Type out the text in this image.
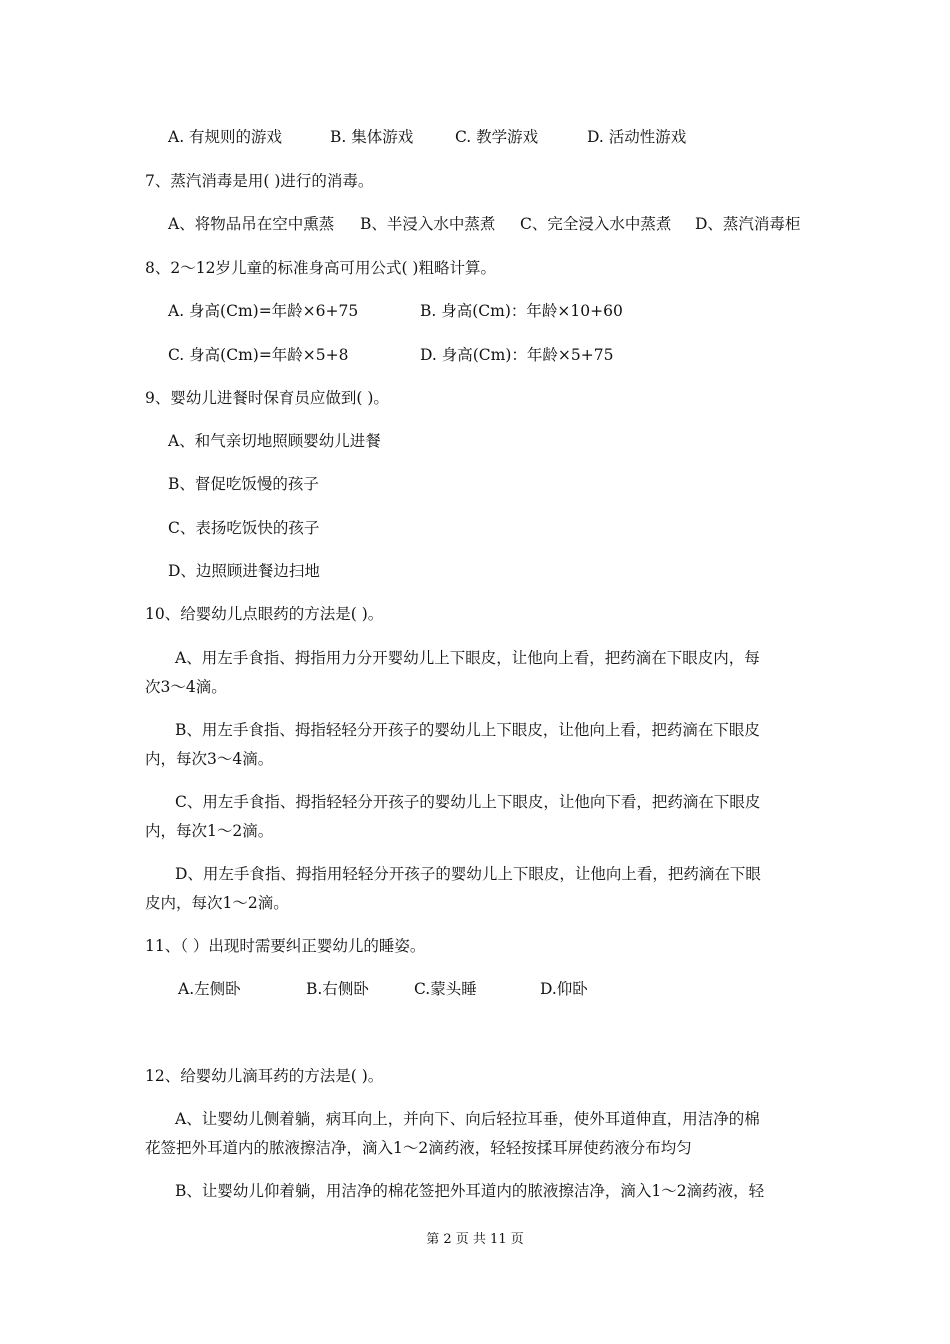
A. 有规则的游戏	B. 集体游戏	C. 教学游戏	D. 活动性游戏
7、蒸汽消毒是用( )进行的消毒。
A、将物品吊在空中熏蒸 B、半浸入水中蒸煮 C、完全浸入水中蒸煮 D、蒸汽消毒柜
8、2～12岁儿童的标准身高可用公式( )粗略计算。
A. 身高(Cm)=年龄×6+75	B. 身高(Cm)：年龄×10+60
C. 身高(Cm)=年龄×5+8	D. 身高(Cm)：年龄×5+75
9、婴幼儿进餐时保育员应做到( )。
A、和气亲切地照顾婴幼儿进餐
B、督促吃饭慢的孩子
C、表扬吃饭快的孩子
D、边照顾进餐边扫地
10、给婴幼儿点眼药的方法是( )。
A、用左手食指、拇指用力分开婴幼儿上下眼皮，让他向上看，把药滴在下眼皮内，每
次3～4滴。
B、用左手食指、拇指轻轻分开孩子的婴幼儿上下眼皮，让他向上看，把药滴在下眼皮
内，每次3～4滴。
C、用左手食指、拇指轻轻分开孩子的婴幼儿上下眼皮，让他向下看，把药滴在下眼皮
内，每次1～2滴。
D、用左手食指、拇指用轻轻分开孩子的婴幼儿上下眼皮，让他向上看，把药滴在下眼
皮内，每次1～2滴。
11、（ ）出现时需要纠正婴幼儿的睡姿。
A.左侧卧	B.右侧卧	C.蒙头睡	D.仰卧
12、给婴幼儿滴耳药的方法是( )。
A、让婴幼儿侧着躺，病耳向上，并向下、向后轻拉耳垂，使外耳道伸直，用洁净的棉
花签把外耳道内的脓液擦洁净，滴入1～2滴药液，轻轻按揉耳屏使药液分布均匀
B、让婴幼儿仰着躺，用洁净的棉花签把外耳道内的脓液擦洁净，滴入1～2滴药液，轻
第 2 页 共 11 页
